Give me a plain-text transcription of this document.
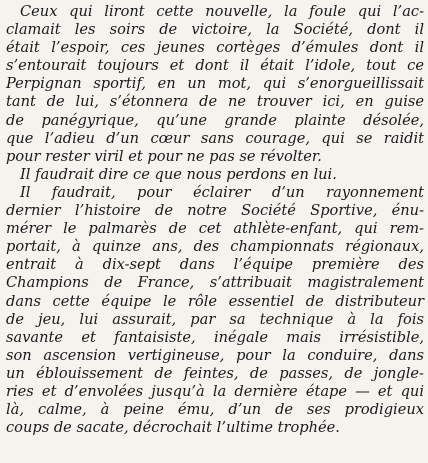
Ceux qui liront cette nouvelle, la foule qui l’ac-
clamait les soirs de victoire, la Société, dont il
était l’espoir, ces jeunes cortèges d’émules dont il
s’entourait toujours et dont il était l’idole, tout ce
Perpignan sportif, en un mot, qui s’enorgueillissait
tant de lui, s’étonnera de ne trouver ici, en guise
de panégyrique, qu’une grande plainte désolée,
que l’adieu d’un cœur sans courage, qui se raidit
pour rester viril et pour ne pas se révolter.
Il faudrait dire ce que nous perdons en lui.
Il faudrait, pour éclairer d’un rayonnement
dernier l’histoire de notre Société Sportive, énu-
mérer le palmarès de cet athlète-enfant, qui rem-
portait, à quinze ans, des championnats régionaux,
entrait à dix-sept dans l’équipe première des
Champions de France, s’attribuait magistralement
dans cette équipe le rôle essentiel de distributeur
de jeu, lui assurait, par sa technique à la fois
savante et fantaisiste, inégale mais irrésistible,
son ascension vertigineuse, pour la conduire, dans
un éblouissement de feintes, de passes, de jongle-
ries et d’envolées jusqu’à la dernière étape — et qui
là, calme, à peine ému, d’un de ses prodigieux
coups de sacate, décrochait l’ultime trophée.
